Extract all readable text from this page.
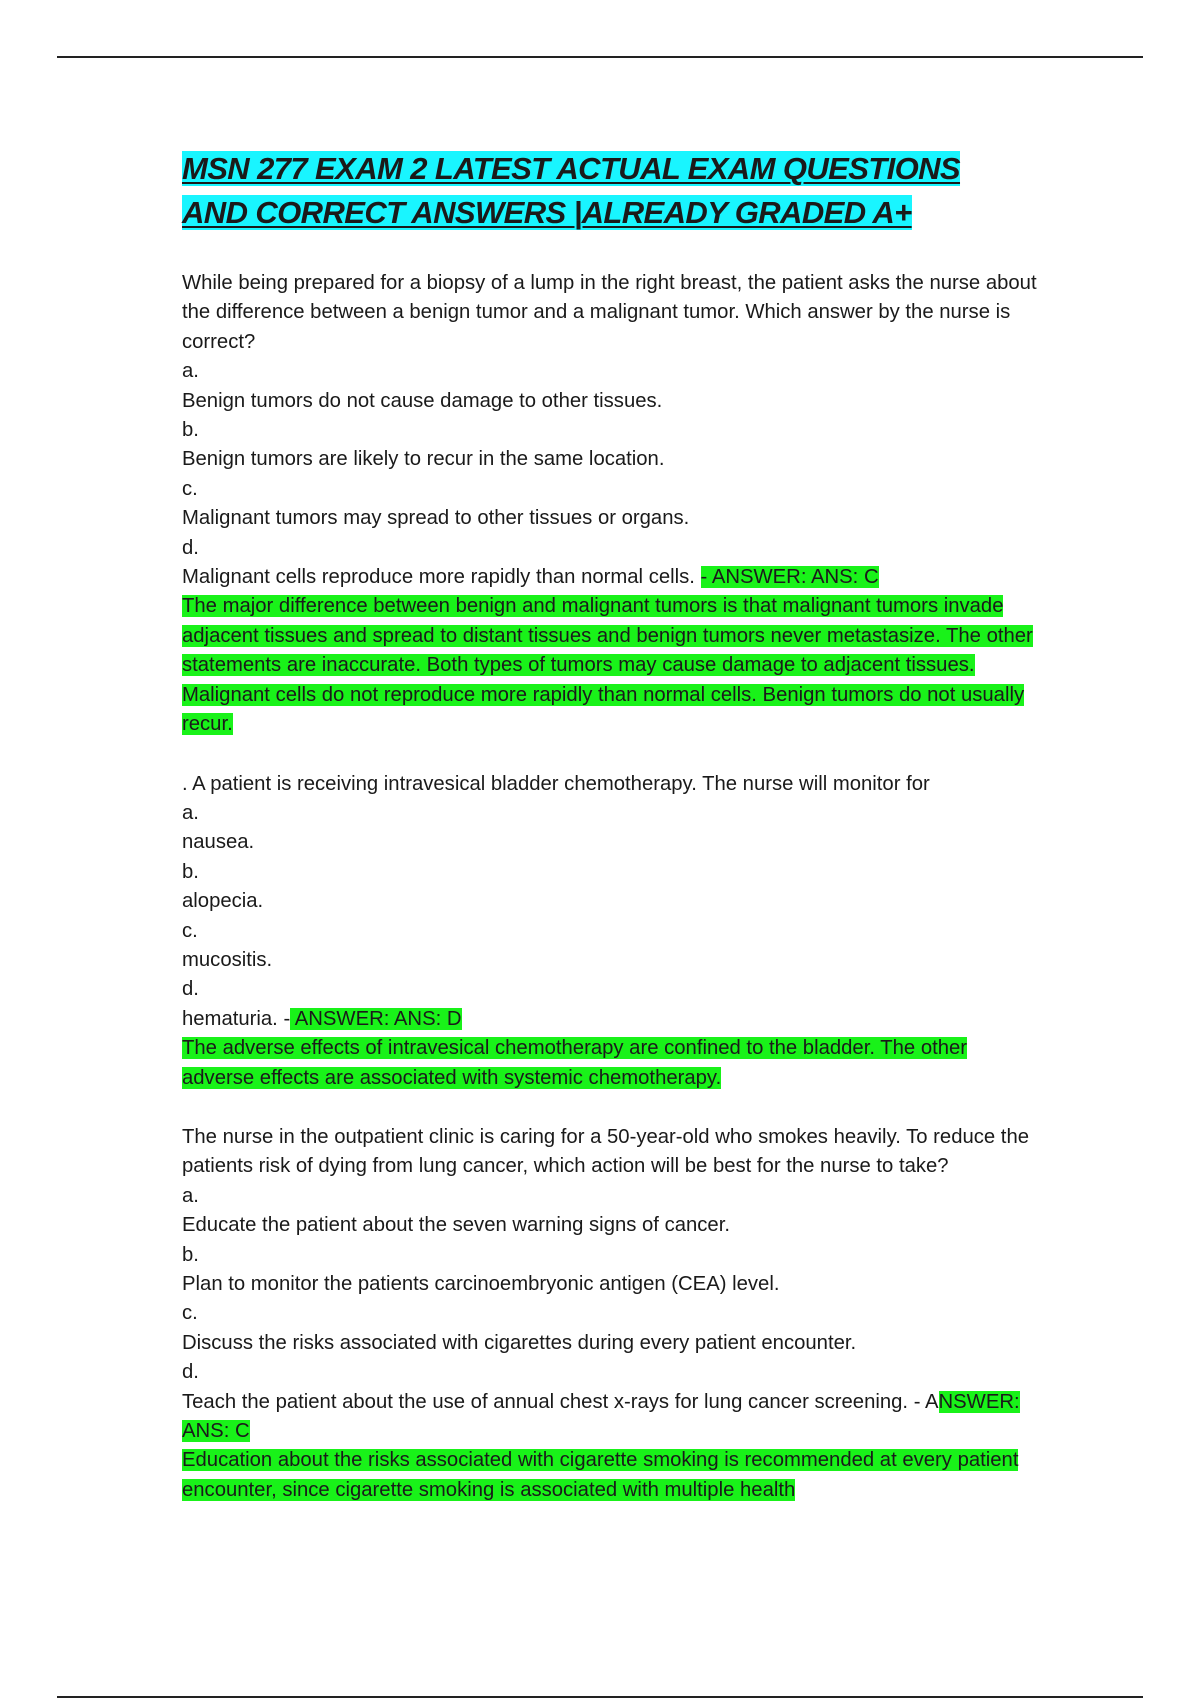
MSN 277 EXAM 2 LATEST ACTUAL EXAM QUESTIONS
AND CORRECT ANSWERS |ALREADY GRADED A+

While being prepared for a biopsy of a lump in the right breast, the patient asks the nurse about the difference between a benign tumor and a malignant tumor. Which answer by the nurse is correct?

a.

Benign tumors do not cause damage to other tissues.

b.

Benign tumors are likely to recur in the same location.

c.

Malignant tumors may spread to other tissues or organs.

d.

Malignant cells reproduce more rapidly than normal cells. - ANSWER: ANS: C

The major difference between benign and malignant tumors is that malignant tumors invade adjacent tissues and spread to distant tissues and benign tumors never metastasize. The other statements are inaccurate. Both types of tumors may cause damage to adjacent tissues. Malignant cells do not reproduce more rapidly than normal cells. Benign tumors do not usually recur.

. A patient is receiving intravesical bladder chemotherapy. The nurse will monitor for

a.

nausea.

b.

alopecia.

c.

mucositis.

d.

hematuria. - ANSWER: ANS: D

The adverse effects of intravesical chemotherapy are confined to the bladder. The other adverse effects are associated with systemic chemotherapy.

The nurse in the outpatient clinic is caring for a 50-year-old who smokes heavily. To reduce the patients risk of dying from lung cancer, which action will be best for the nurse to take?

a.

Educate the patient about the seven warning signs of cancer.

b.

Plan to monitor the patients carcinoembryonic antigen (CEA) level.

c.

Discuss the risks associated with cigarettes during every patient encounter.

d.

Teach the patient about the use of annual chest x-rays for lung cancer screening. - ANSWER: ANS: C

Education about the risks associated with cigarette smoking is recommended at every patient encounter, since cigarette smoking is associated with multiple health
